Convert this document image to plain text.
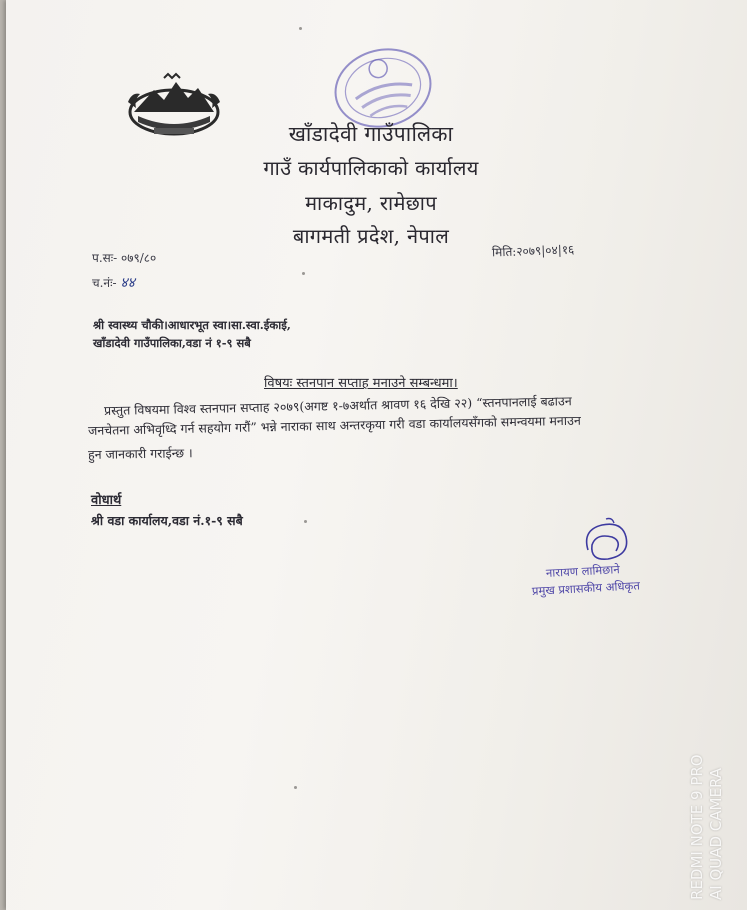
खाँडादेवी गाउँपालिका
गाउँ कार्यपालिकाको कार्यालय
माकादुम, रामेछाप
बागमती प्रदेश, नेपाल
प.सः- ०७९/८०
च.नंः- ४४
मिति:२०७९|०४|१६
श्री स्वास्थ्य चौकी।आधारभूत स्वा।सा.स्वा.ईकाई,
खाँडादेवी गाउँपालिका,वडा नं १-९ सबै
विषयः स्तनपान सप्ताह मनाउने सम्बन्धमा।
प्रस्तुत विषयमा विश्व स्तनपान सप्ताह २०७९(अगष्ट १-७अर्थात श्रावण १६ देखि २२) “स्तनपानलाई बढाउन
जनचेतना अभिवृध्दि गर्न सहयोग गरौं” भन्ने नाराका साथ अन्तरकृया गरी वडा कार्यालयसँगको समन्वयमा मनाउन
हुन जानकारी गराईन्छ ।
वोधार्थ
श्री वडा कार्यालय,वडा नं.१-९ सबै
नारायण लामिछाने
प्रमुख प्रशासकीय अधिकृत
REDMI NOTE 9 PRO AI QUAD CAMERA
